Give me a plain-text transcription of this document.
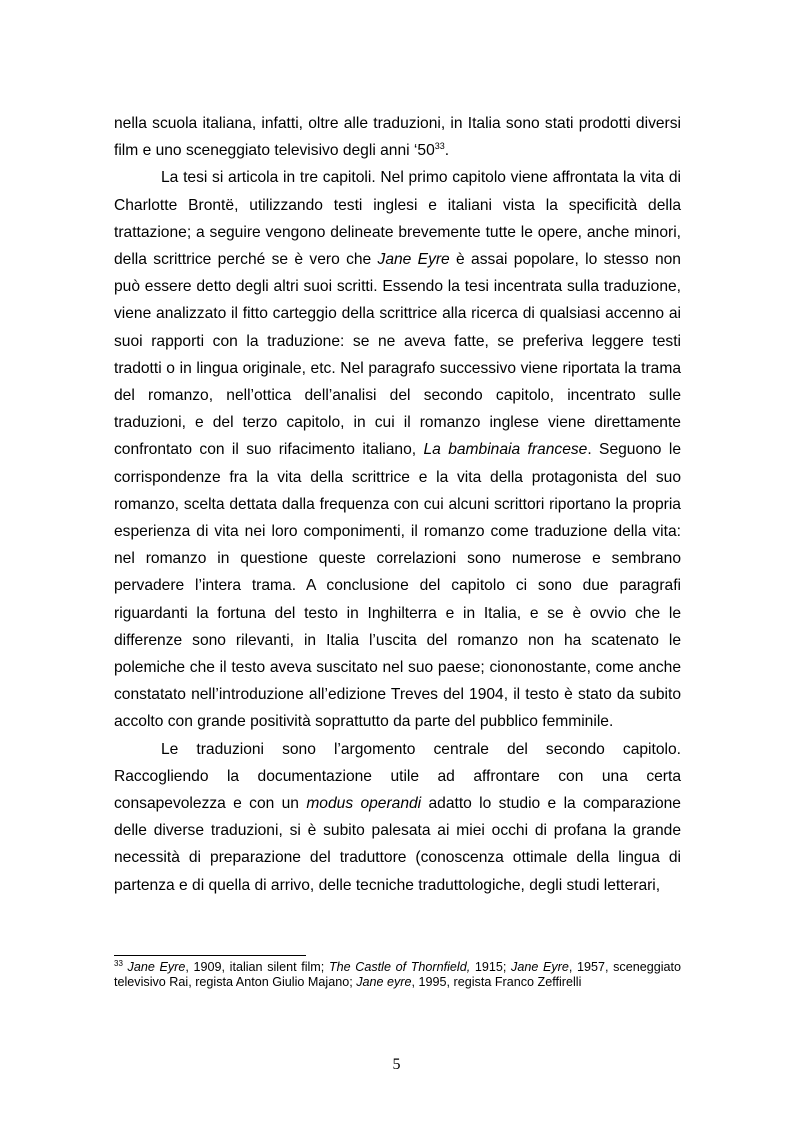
nella scuola italiana, infatti, oltre alle traduzioni, in Italia sono stati prodotti diversi film e uno sceneggiato televisivo degli anni ‘$50^{33}$.

La tesi si articola in tre capitoli. Nel primo capitolo viene affrontata la vita di Charlotte Brontë, utilizzando testi inglesi e italiani vista la specificità della trattazione; a seguire vengono delineate brevemente tutte le opere, anche minori, della scrittrice perché se è vero che Jane Eyre è assai popolare, lo stesso non può essere detto degli altri suoi scritti. Essendo la tesi incentrata sulla traduzione, viene analizzato il fitto carteggio della scrittrice alla ricerca di qualsiasi accenno ai suoi rapporti con la traduzione: se ne aveva fatte, se preferiva leggere testi tradotti o in lingua originale, etc. Nel paragrafo successivo viene riportata la trama del romanzo, nell’ottica dell’analisi del secondo capitolo, incentrato sulle traduzioni, e del terzo capitolo, in cui il romanzo inglese viene direttamente confrontato con il suo rifacimento italiano, La bambinaia francese. Seguono le corrispondenze fra la vita della scrittrice e la vita della protagonista del suo romanzo, scelta dettata dalla frequenza con cui alcuni scrittori riportano la propria esperienza di vita nei loro componimenti, il romanzo come traduzione della vita: nel romanzo in questione queste correlazioni sono numerose e sembrano pervadere l’intera trama. A conclusione del capitolo ci sono due paragrafi riguardanti la fortuna del testo in Inghilterra e in Italia, e se è ovvio che le differenze sono rilevanti, in Italia l’uscita del romanzo non ha scatenato le polemiche che il testo aveva suscitato nel suo paese; ciononostante, come anche constatato nell’introduzione all’edizione Treves del 1904, il testo è stato da subito accolto con grande positività soprattutto da parte del pubblico femminile.

Le traduzioni sono l’argomento centrale del secondo capitolo. Raccogliendo la documentazione utile ad affrontare con una certa consapevolezza e con un modus operandi adatto lo studio e la comparazione delle diverse traduzioni, si è subito palesata ai miei occhi di profana la grande necessità di preparazione del traduttore (conoscenza ottimale della lingua di partenza e di quella di arrivo, delle tecniche traduttologiche, degli studi letterari,

$^{33}$ Jane Eyre, 1909, italian silent film; The Castle of Thornfield, 1915; Jane Eyre, 1957, sceneggiato televisivo Rai, regista Anton Giulio Majano; Jane eyre, 1995, regista Franco Zeffirelli

5
